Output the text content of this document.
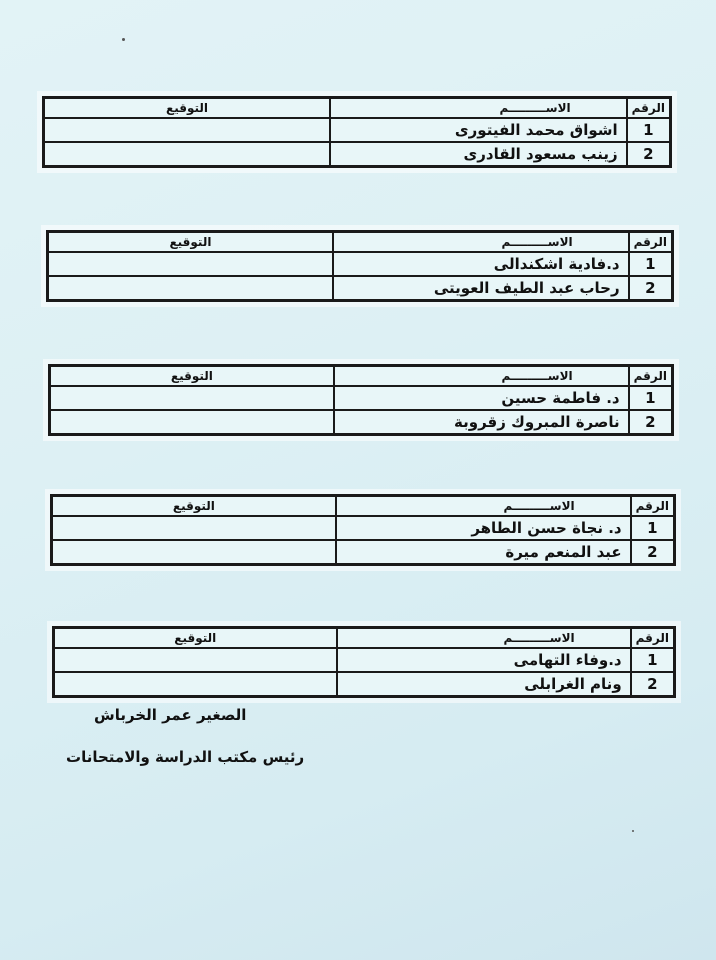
الرقم	الاســـــــــم	التوقيع
1	اشواق محمد الفيتورى	
2	زينب مسعود القادرى	
الرقم	الاســـــــــم	التوقيع
1	د.فادية اشكندالى	
2	رحاب عبد الطيف العويتى	
الرقم	الاســـــــــم	التوقيع
1	د. فاطمة حسين	
2	ناصرة المبروك زقروبة	
الرقم	الاســـــــــم	التوقيع
1	د. نجاة حسن الطاهر	
2	عبد المنعم ميرة	
الرقم	الاســـــــــم	التوقيع
1	د.وفاء التهامى	
2	ونام الغرابلى	
الصغير عمر الخرباش
رئيس مكتب الدراسة والامتحانات
